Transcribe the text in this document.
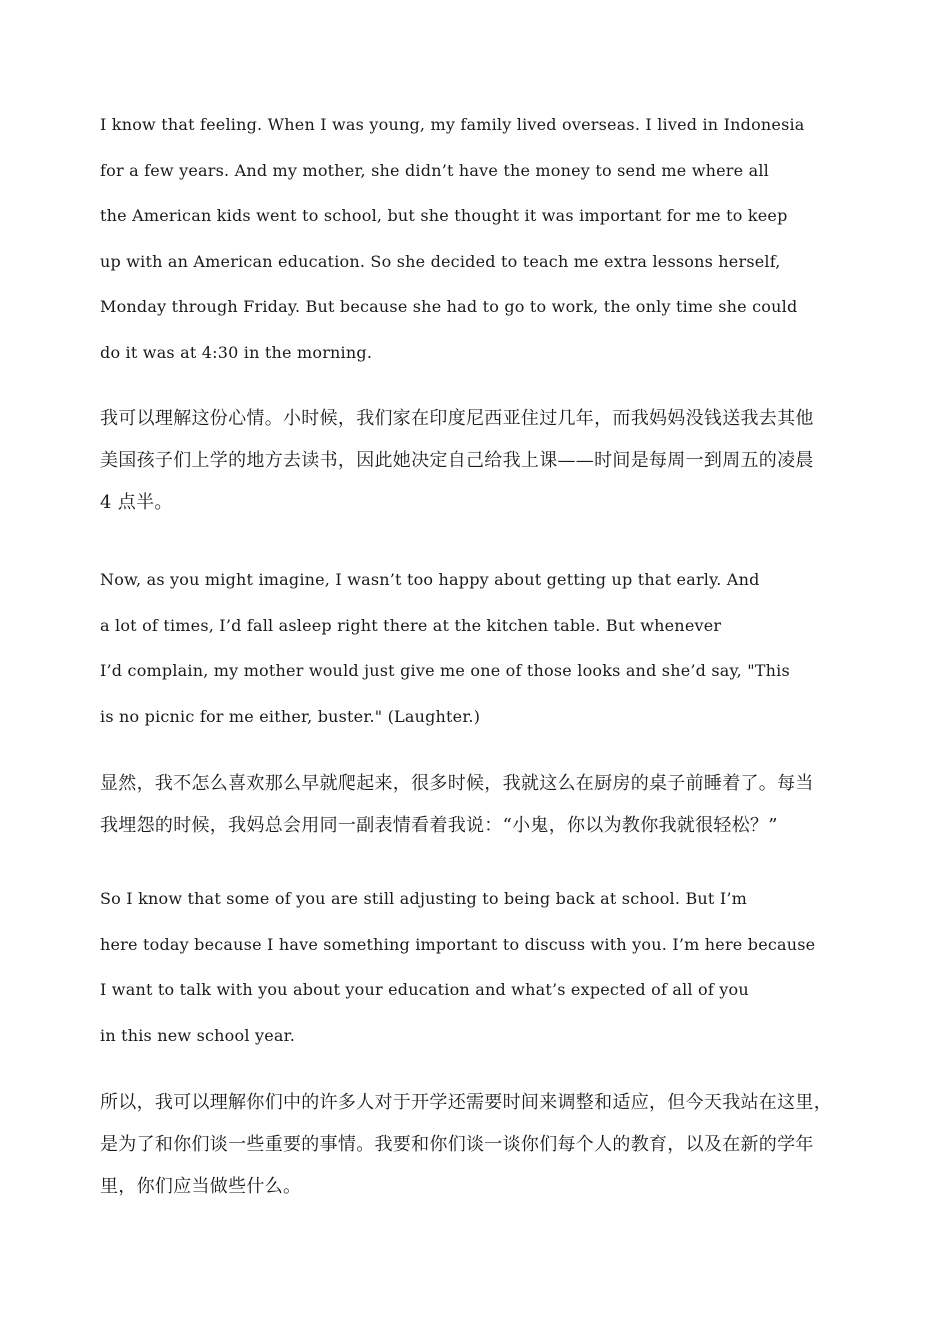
I know that feeling. When I was young, my family lived overseas. I lived in Indonesia
for a few years. And my mother, she didn’t have the money to send me where all
the American kids went to school, but she thought it was important for me to keep
up with an American education. So she decided to teach me extra lessons herself,
Monday through Friday. But because she had to go to work, the only time she could
do it was at 4:30 in the morning.
我可以理解这份心情。小时候，我们家在印度尼西亚住过几年，而我妈妈没钱送我去其他
美国孩子们上学的地方去读书，因此她决定自己给我上课——时间是每周一到周五的凌晨
4 点半。
Now, as you might imagine, I wasn’t too happy about getting up that early. And
a lot of times, I’d fall asleep right there at the kitchen table. But whenever
I’d complain, my mother would just give me one of those looks and she’d say, "This
is no picnic for me either, buster." (Laughter.)
显然，我不怎么喜欢那么早就爬起来，很多时候，我就这么在厨房的桌子前睡着了。每当
我埋怨的时候，我妈总会用同一副表情看着我说：“小鬼，你以为教你我就很轻松？”
So I know that some of you are still adjusting to being back at school. But I’m
here today because I have something important to discuss with you. I’m here because
I want to talk with you about your education and what’s expected of all of you
in this new school year.
所以，我可以理解你们中的许多人对于开学还需要时间来调整和适应，但今天我站在这里，
是为了和你们谈一些重要的事情。我要和你们谈一谈你们每个人的教育，以及在新的学年
里，你们应当做些什么。
